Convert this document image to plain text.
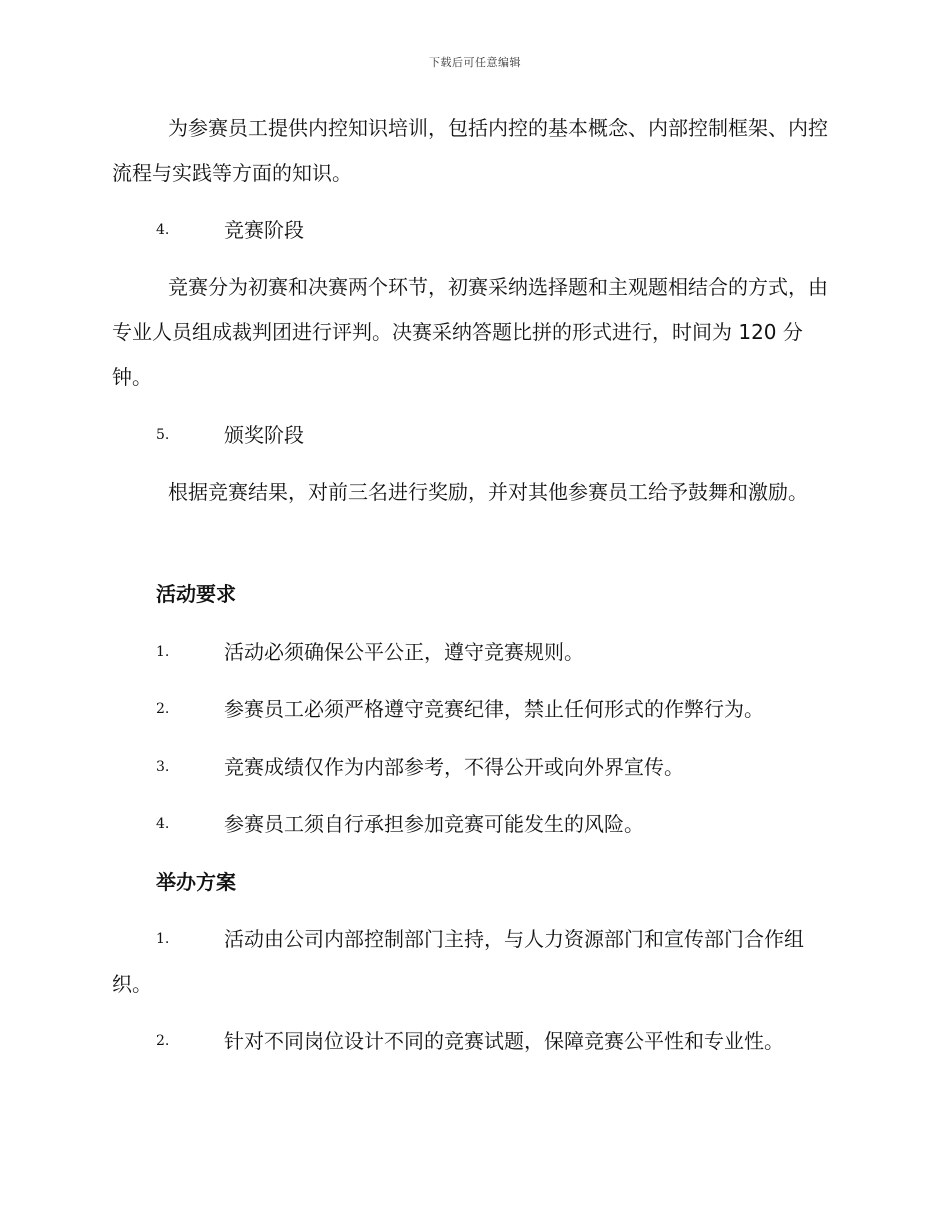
下载后可任意编辑

为参赛员工提供内控知识培训，包括内控的基本概念、内部控制框架、内控流程与实践等方面的知识。

4.	竞赛阶段

竞赛分为初赛和决赛两个环节，初赛采纳选择题和主观题相结合的方式，由专业人员组成裁判团进行评判。决赛采纳答题比拼的形式进行，时间为 120 分钟。

5.	颁奖阶段

根据竞赛结果，对前三名进行奖励，并对其他参赛员工给予鼓舞和激励。

活动要求
1.	活动必须确保公平公正，遵守竞赛规则。
2.	参赛员工必须严格遵守竞赛纪律，禁止任何形式的作弊行为。
3.	竞赛成绩仅作为内部参考，不得公开或向外界宣传。
4.	参赛员工须自行承担参加竞赛可能发生的风险。
举办方案
1.	活动由公司内部控制部门主持，与人力资源部门和宣传部门合作组织。
2.	针对不同岗位设计不同的竞赛试题，保障竞赛公平性和专业性。
